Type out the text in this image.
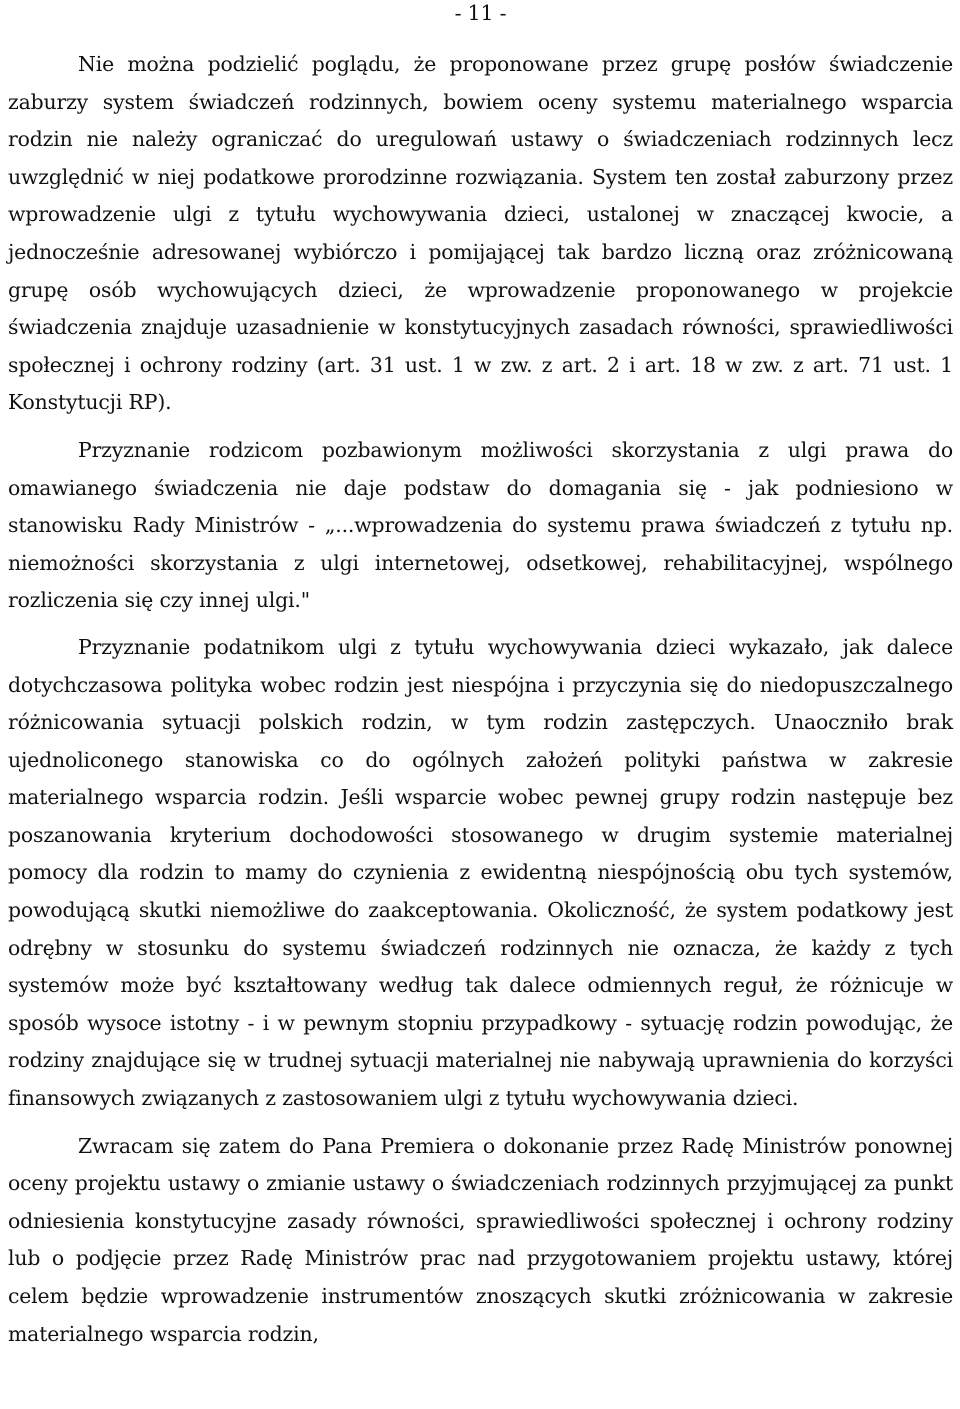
- 11 -

Nie można podzielić poglądu, że proponowane przez grupę posłów świadczenie zaburzy system świadczeń rodzinnych, bowiem oceny systemu materialnego wsparcia rodzin nie należy ograniczać do uregulowań ustawy o świadczeniach rodzinnych lecz uwzględnić w niej podatkowe prorodzinne rozwiązania. System ten został zaburzony przez wprowadzenie ulgi z tytułu wychowywania dzieci, ustalonej w znaczącej kwocie, a jednocześnie adresowanej wybiórczo i pomijającej tak bardzo liczną oraz zróżnicowaną grupę osób wychowujących dzieci, że wprowadzenie proponowanego w projekcie świadczenia znajduje uzasadnienie w konstytucyjnych zasadach równości, sprawiedliwości społecznej i ochrony rodziny (art. 31 ust. 1 w zw. z art. 2 i art. 18 w zw. z art. 71 ust. 1 Konstytucji RP).

Przyznanie rodzicom pozbawionym możliwości skorzystania z ulgi prawa do omawianego świadczenia nie daje podstaw do domagania się - jak podniesiono w stanowisku Rady Ministrów - „...wprowadzenia do systemu prawa świadczeń z tytułu np. niemożności skorzystania z ulgi internetowej, odsetkowej, rehabilitacyjnej, wspólnego rozliczenia się czy innej ulgi."

Przyznanie podatnikom ulgi z tytułu wychowywania dzieci wykazało, jak dalece dotychczasowa polityka wobec rodzin jest niespójna i przyczynia się do niedopuszczalnego różnicowania sytuacji polskich rodzin, w tym rodzin zastępczych. Unaoczniło brak ujednoliconego stanowiska co do ogólnych założeń polityki państwa w zakresie materialnego wsparcia rodzin. Jeśli wsparcie wobec pewnej grupy rodzin następuje bez poszanowania kryterium dochodowości stosowanego w drugim systemie materialnej pomocy dla rodzin to mamy do czynienia z ewidentną niespójnością obu tych systemów, powodującą skutki niemożliwe do zaakceptowania. Okoliczność, że system podatkowy jest odrębny w stosunku do systemu świadczeń rodzinnych nie oznacza, że każdy z tych systemów może być kształtowany według tak dalece odmiennych reguł, że różnicuje w sposób wysoce istotny - i w pewnym stopniu przypadkowy - sytuację rodzin powodując, że rodziny znajdujące się w trudnej sytuacji materialnej nie nabywają uprawnienia do korzyści finansowych związanych z zastosowaniem ulgi z tytułu wychowywania dzieci.

Zwracam się zatem do Pana Premiera o dokonanie przez Radę Ministrów ponownej oceny projektu ustawy o zmianie ustawy o świadczeniach rodzinnych przyjmującej za punkt odniesienia konstytucyjne zasady równości, sprawiedliwości społecznej i ochrony rodziny lub o podjęcie przez Radę Ministrów prac nad przygotowaniem projektu ustawy, której celem będzie wprowadzenie instrumentów znoszących skutki zróżnicowania w zakresie materialnego wsparcia rodzin,
